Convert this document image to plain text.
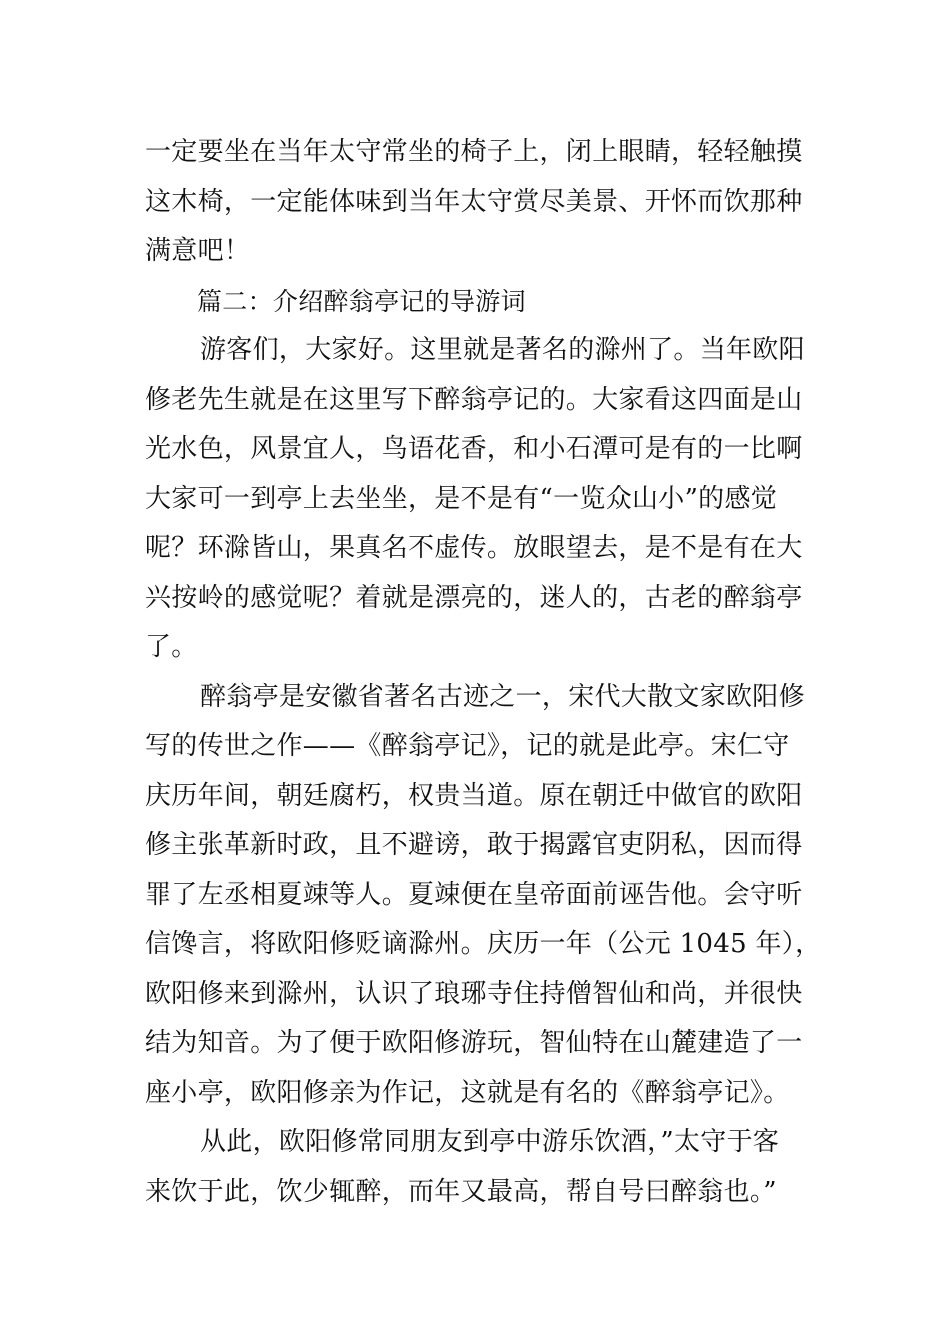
一定要坐在当年太守常坐的椅子上，闭上眼睛，轻轻触摸
这木椅，一定能体味到当年太守赏尽美景、开怀而饮那种
满意吧！
篇二：介绍醉翁亭记的导游词
游客们，大家好。这里就是著名的滁州了。当年欧阳
修老先生就是在这里写下醉翁亭记的。大家看这四面是山
光水色，风景宜人，鸟语花香，和小石潭可是有的一比啊
大家可一到亭上去坐坐，是不是有“一览众山小”的感觉
呢？环滁皆山，果真名不虚传。放眼望去，是不是有在大
兴按岭的感觉呢？着就是漂亮的，迷人的，古老的醉翁亭
了。
醉翁亭是安徽省著名古迹之一，宋代大散文家欧阳修
写的传世之作——《醉翁亭记》，记的就是此亭。宋仁守
庆历年间，朝廷腐朽，权贵当道。原在朝迁中做官的欧阳
修主张革新时政，且不避谤，敢于揭露官吏阴私，因而得
罪了左丞相夏竦等人。夏竦便在皇帝面前诬告他。会守听
信馋言，将欧阳修贬谪滁州。庆历一年（公元 1045 年），
欧阳修来到滁州，认识了琅琊寺住持僧智仙和尚，并很快
结为知音。为了便于欧阳修游玩，智仙特在山麓建造了一
座小亭，欧阳修亲为作记，这就是有名的《醉翁亭记》。
从此，欧阳修常同朋友到亭中游乐饮酒，”太守于客
来饮于此，饮少辄醉，而年又最高，帮自号曰醉翁也。”
